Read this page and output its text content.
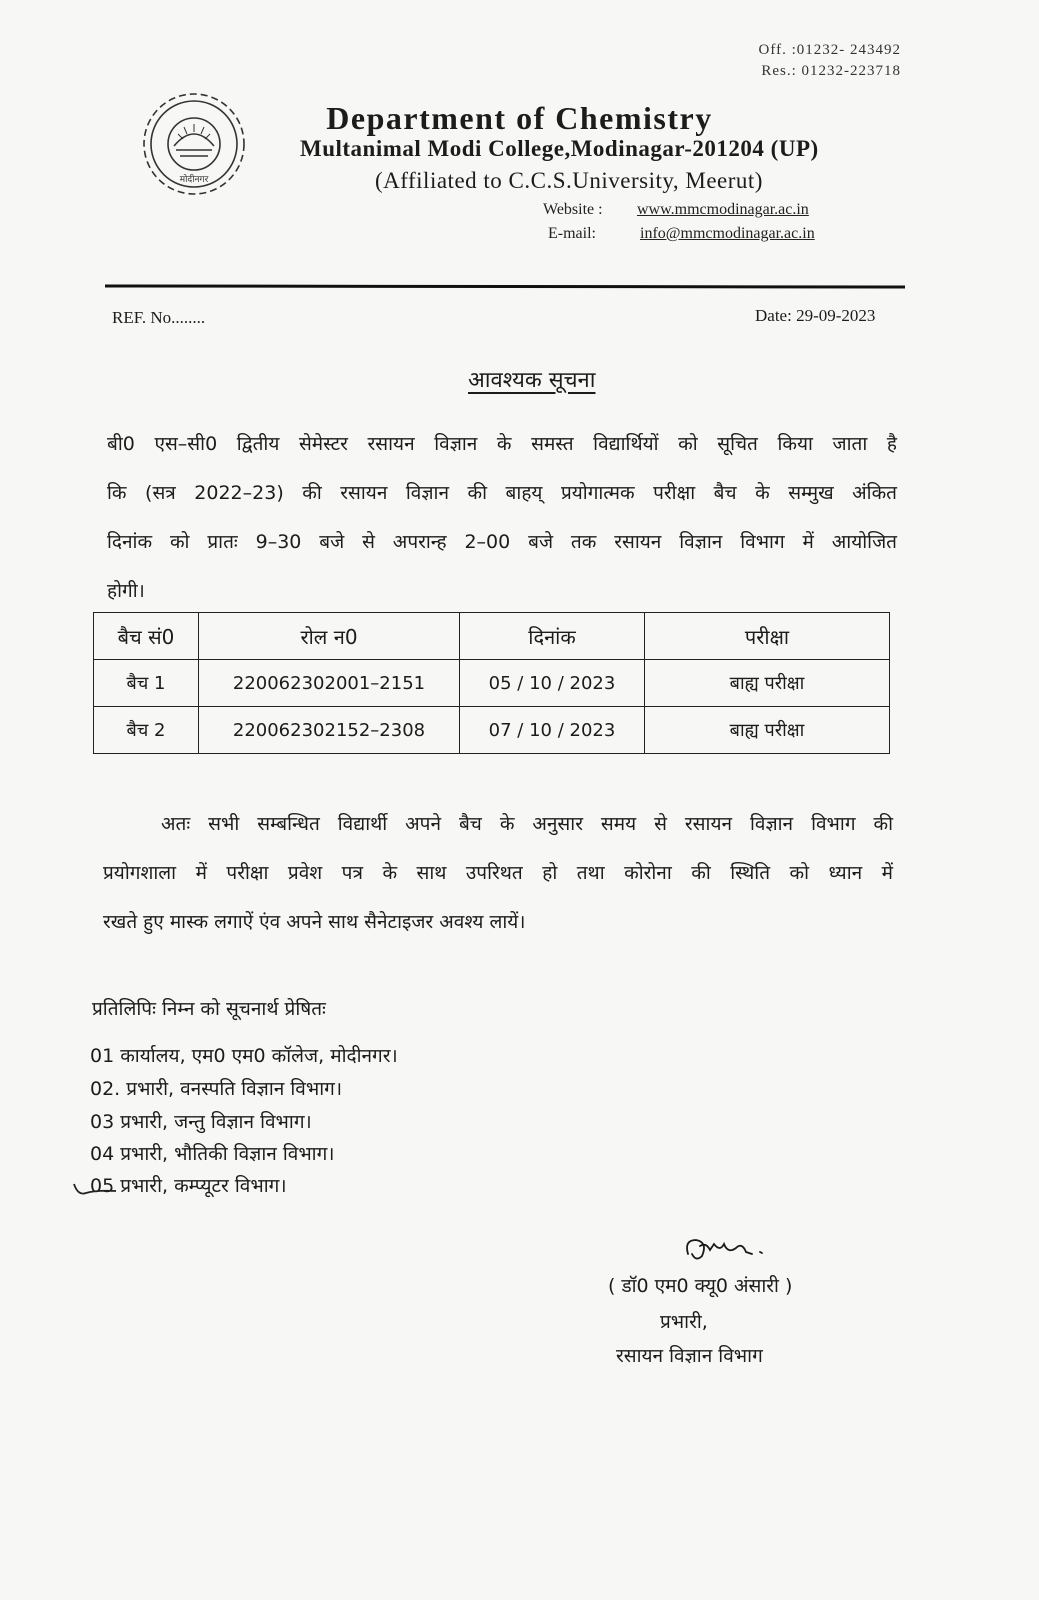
Off. :01232- 243492
Res.: 01232-223718
मोदीनगर
Department of Chemistry
Multanimal Modi College,Modinagar-201204 (UP)
(Affiliated to C.C.S.University, Meerut)
Website : www.mmcmodinagar.ac.in
E-mail:	info@mmcmodinagar.ac.in
REF. No........	Date: 29-09-2023
आवश्यक सूचना
बी0 एस–सी0 द्वितीय सेमेस्टर रसायन विज्ञान के समस्त विद्यार्थियों को सूचित किया जाता है
कि (सत्र 2022–23) की रसायन विज्ञान की बाहय् प्रयोगात्मक परीक्षा बैच के सम्मुख अंकित
दिनांक को प्रातः 9–30 बजे से अपरान्ह 2–00 बजे तक रसायन विज्ञान विभाग में आयोजित
होगी।
बैच सं0	रोल न0	दिनांक	परीक्षा
बैच 1	220062302001–2151	05 / 10 / 2023	बाह्य परीक्षा
बैच 2	220062302152–2308	07 / 10 / 2023	बाह्य परीक्षा
अतः सभी सम्बन्धित विद्यार्थी अपने बैच के अनुसार समय से रसायन विज्ञान विभाग की
प्रयोगशाला में परीक्षा प्रवेश पत्र के साथ उपरिथत हो तथा कोरोना की स्थिति को ध्यान में
रखते हुए मास्क लगाऐं एंव अपने साथ सैनेटाइजर अवश्य लायें।
प्रतिलिपिः निम्न को सूचनार्थ प्रेषितः
01 कार्यालय, एम0 एम0 कॉलेज, मोदीनगर।
02. प्रभारी, वनस्पति विज्ञान विभाग।
03 प्रभारी, जन्तु विज्ञान विभाग।
04 प्रभारी, भौतिकी विज्ञान विभाग।
05 प्रभारी, कम्प्यूटर विभाग।
( डॉ0 एम0 क्यू0 अंसारी )
प्रभारी,
रसायन विज्ञान विभाग
